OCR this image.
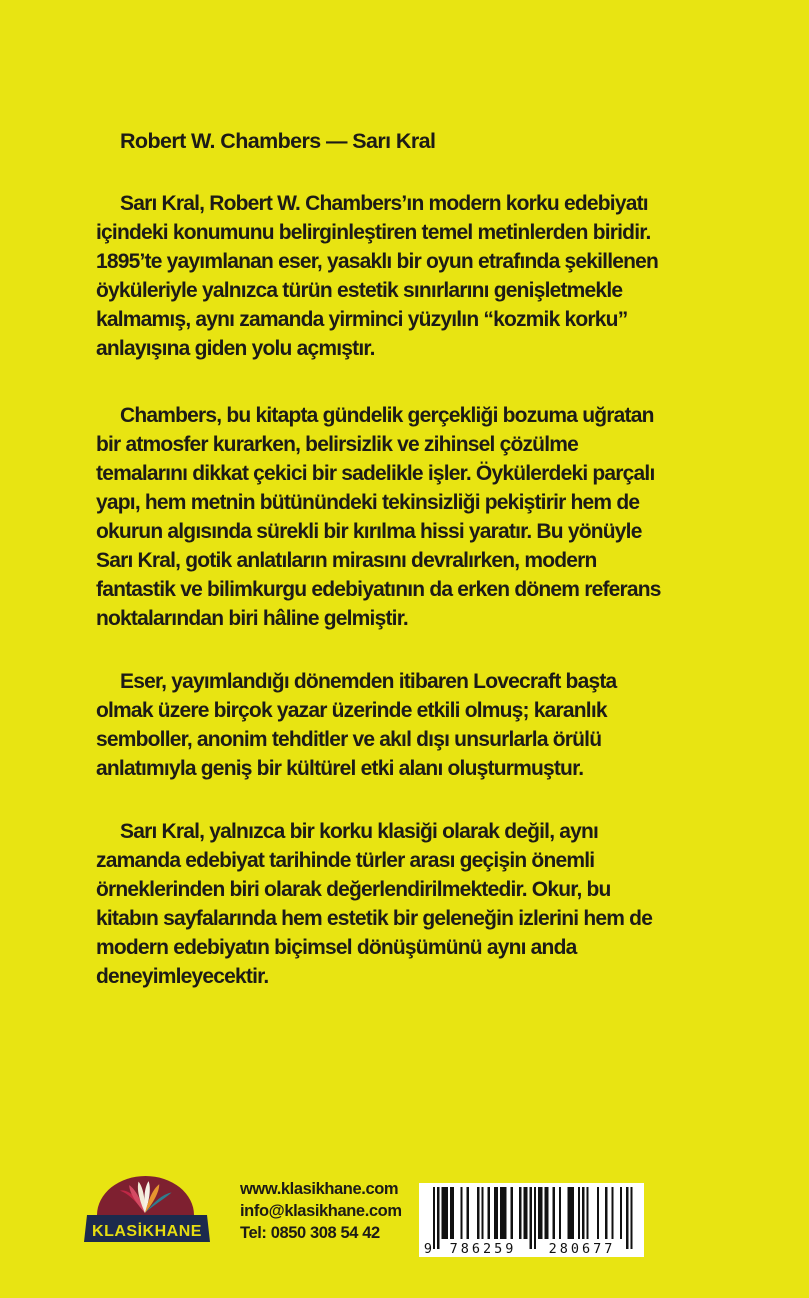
Robert W. Chambers — Sarı Kral
Sarı Kral, Robert W. Chambers’ın modern korku edebiyatı
içindeki konumunu belirginleştiren temel metinlerden biridir.
1895’te yayımlanan eser, yasaklı bir oyun etrafında şekillenen
öyküleriyle yalnızca türün estetik sınırlarını genişletmekle
kalmamış, aynı zamanda yirminci yüzyılın “kozmik korku”
anlayışına giden yolu açmıştır.
Chambers, bu kitapta gündelik gerçekliği bozuma uğratan
bir atmosfer kurarken, belirsizlik ve zihinsel çözülme
temalarını dikkat çekici bir sadelikle işler. Öykülerdeki parçalı
yapı, hem metnin bütünündeki tekinsizliği pekiştirir hem de
okurun algısında sürekli bir kırılma hissi yaratır. Bu yönüyle
Sarı Kral, gotik anlatıların mirasını devralırken, modern
fantastik ve bilimkurgu edebiyatının da erken dönem referans
noktalarından biri hâline gelmiştir.
Eser, yayımlandığı dönemden itibaren Lovecraft başta
olmak üzere birçok yazar üzerinde etkili olmuş; karanlık
semboller, anonim tehditler ve akıl dışı unsurlarla örülü
anlatımıyla geniş bir kültürel etki alanı oluşturmuştur.
Sarı Kral, yalnızca bir korku klasiği olarak değil, aynı
zamanda edebiyat tarihinde türler arası geçişin önemli
örneklerinden biri olarak değerlendirilmektedir. Okur, bu
kitabın sayfalarında hem estetik bir geleneğin izlerini hem de
modern edebiyatın biçimsel dönüşümünü aynı anda
deneyimleyecektir.
KLASİKHANE
www.klasikhane.com
info@klasikhane.com
Tel: 0850 308 54 42
9 786259 280677
